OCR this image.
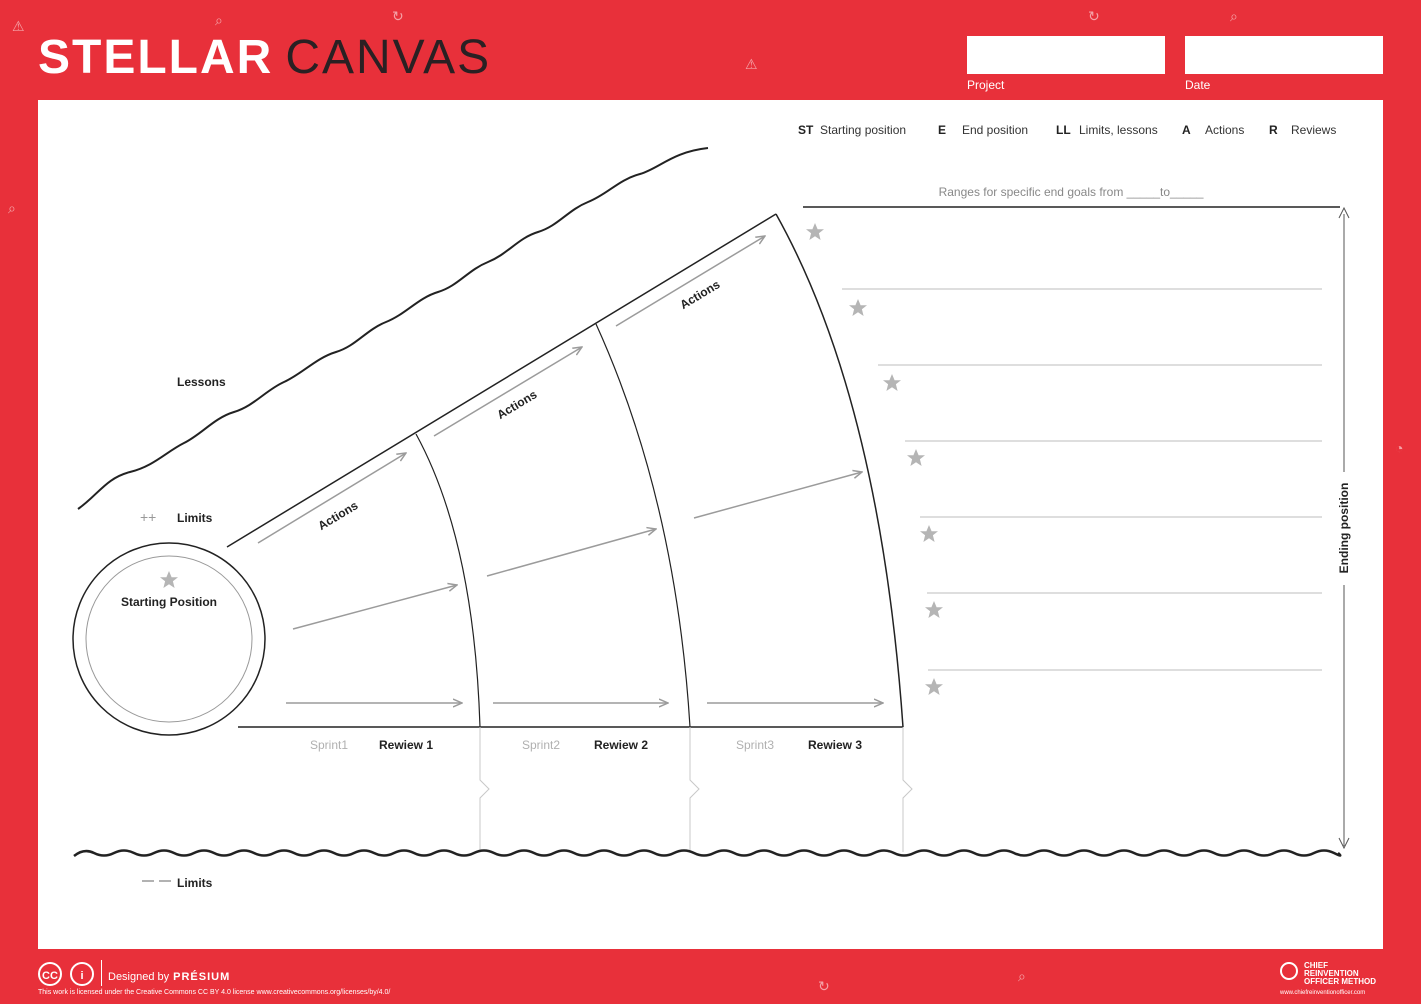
⚠	⌕	↻
⚠
↻	⌕
⌕
◔
⌕
↻
STELLAR CANVAS
Project	Date
ST Starting position	E End position LL Limits, lessons A Actions R Reviews
Ranges for specific end goals from _____to_____
Ending position
Lessons
++ Limits
Starting Position
Actions
Actions
Actions
Sprint1	Rewiew 1	Sprint2	Rewiew 2	Sprint3	Rewiew 3
Limits
CC	i	Designed by PRÉSIUM
This work is licensed under the Creative Commons CC BY 4.0 license www.creativecommons.org/licenses/by/4.0/
CHIEF
REINVENTION
OFFICER METHOD
www.chiefreinventionofficer.com
